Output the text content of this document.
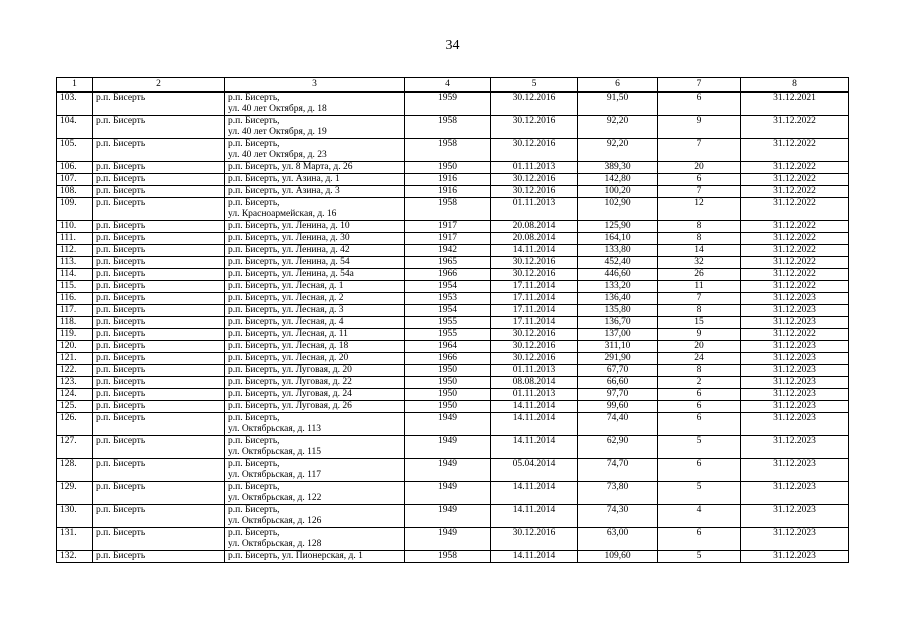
34
1	2	3	4	5	6	7	8
103.	р.п. Бисерть	р.п. Бисерть,
ул. 40 лет Октября, д. 18	1959	30.12.2016	91,50	6	31.12.2021
104.	р.п. Бисерть	р.п. Бисерть,
ул. 40 лет Октября, д. 19	1958	30.12.2016	92,20	9	31.12.2022
105.	р.п. Бисерть	р.п. Бисерть,
ул. 40 лет Октября, д. 23	1958	30.12.2016	92,20	7	31.12.2022
106.	р.п. Бисерть	р.п. Бисерть, ул. 8 Марта, д. 26	1950	01.11.2013	389,30	20	31.12.2022
107.	р.п. Бисерть	р.п. Бисерть, ул. Азина, д. 1	1916	30.12.2016	142,80	6	31.12.2022
108.	р.п. Бисерть	р.п. Бисерть, ул. Азина, д. 3	1916	30.12.2016	100,20	7	31.12.2022
109.	р.п. Бисерть	р.п. Бисерть,
ул. Красноармейская, д. 16	1958	01.11.2013	102,90	12	31.12.2022
110.	р.п. Бисерть	р.п. Бисерть, ул. Ленина, д. 10	1917	20.08.2014	125,90	8	31.12.2022
111.	р.п. Бисерть	р.п. Бисерть, ул. Ленина, д. 30	1917	20.08.2014	164,10	8	31.12.2022
112.	р.п. Бисерть	р.п. Бисерть, ул. Ленина, д. 42	1942	14.11.2014	133,80	14	31.12.2022
113.	р.п. Бисерть	р.п. Бисерть, ул. Ленина, д. 54	1965	30.12.2016	452,40	32	31.12.2022
114.	р.п. Бисерть	р.п. Бисерть, ул. Ленина, д. 54а	1966	30.12.2016	446,60	26	31.12.2022
115.	р.п. Бисерть	р.п. Бисерть, ул. Лесная, д. 1	1954	17.11.2014	133,20	11	31.12.2022
116.	р.п. Бисерть	р.п. Бисерть, ул. Лесная, д. 2	1953	17.11.2014	136,40	7	31.12.2023
117.	р.п. Бисерть	р.п. Бисерть, ул. Лесная, д. 3	1954	17.11.2014	135,80	8	31.12.2023
118.	р.п. Бисерть	р.п. Бисерть, ул. Лесная, д. 4	1955	17.11.2014	136,70	15	31.12.2023
119.	р.п. Бисерть	р.п. Бисерть, ул. Лесная, д. 11	1955	30.12.2016	137,00	9	31.12.2022
120.	р.п. Бисерть	р.п. Бисерть, ул. Лесная, д. 18	1964	30.12.2016	311,10	20	31.12.2023
121.	р.п. Бисерть	р.п. Бисерть, ул. Лесная, д. 20	1966	30.12.2016	291,90	24	31.12.2023
122.	р.п. Бисерть	р.п. Бисерть, ул. Луговая, д. 20	1950	01.11.2013	67,70	8	31.12.2023
123.	р.п. Бисерть	р.п. Бисерть, ул. Луговая, д. 22	1950	08.08.2014	66,60	2	31.12.2023
124.	р.п. Бисерть	р.п. Бисерть, ул. Луговая, д. 24	1950	01.11.2013	97,70	6	31.12.2023
125.	р.п. Бисерть	р.п. Бисерть, ул. Луговая, д. 26	1950	14.11.2014	99,60	6	31.12.2023
126.	р.п. Бисерть	р.п. Бисерть,
ул. Октябрьская, д. 113	1949	14.11.2014	74,40	6	31.12.2023
127.	р.п. Бисерть	р.п. Бисерть,
ул. Октябрьская, д. 115	1949	14.11.2014	62,90	5	31.12.2023
128.	р.п. Бисерть	р.п. Бисерть,
ул. Октябрьская, д. 117	1949	05.04.2014	74,70	6	31.12.2023
129.	р.п. Бисерть	р.п. Бисерть,
ул. Октябрьская, д. 122	1949	14.11.2014	73,80	5	31.12.2023
130.	р.п. Бисерть	р.п. Бисерть,
ул. Октябрьская, д. 126	1949	14.11.2014	74,30	4	31.12.2023
131.	р.п. Бисерть	р.п. Бисерть,
ул. Октябрьская, д. 128	1949	30.12.2016	63,00	6	31.12.2023
132.	р.п. Бисерть	р.п. Бисерть, ул. Пионерская, д. 1	1958	14.11.2014	109,60	5	31.12.2023
